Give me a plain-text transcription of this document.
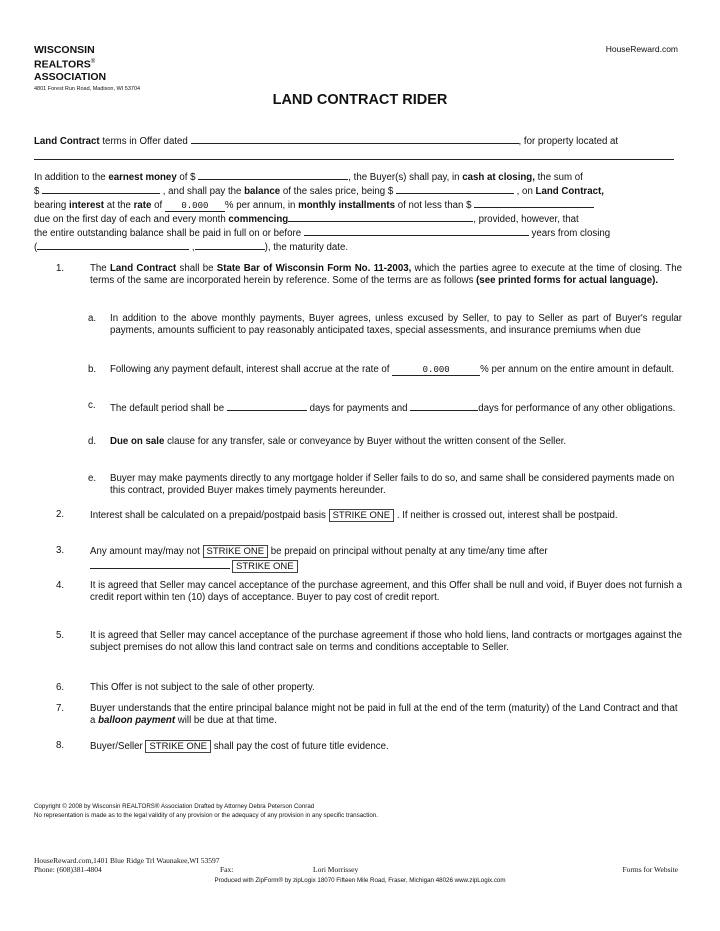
WISCONSIN
REALTORS®
ASSOCIATION
4801 Forest Run Road, Madison, WI 53704
HouseReward.com
LAND CONTRACT RIDER
Land Contract terms in Offer dated	, for property located at
In addition to the earnest money of $	, the Buyer(s) shall pay, in cash at closing, the sum of
$	, and shall pay the balance of the sales price, being $	, on Land Contract,
bearing interest at the rate of 0.000 % per annum, in monthly installments of not less than $
due on the first day of each and every month commencing	, provided, however, that
the entire outstanding balance shall be paid in full on or before	years from closing
(	,	), the maturity date.
1.	The Land Contract shall be State Bar of Wisconsin Form No. 11-2003, which the parties agree to execute at the time of closing. The terms of the same are incorporated herein by reference. Some of the terms are as follows (see printed forms for actual language).
a. In addition to the above monthly payments, Buyer agrees, unless excused by Seller, to pay to Seller as part of Buyer's regular payments, amounts sufficient to pay reasonably anticipated taxes, special assessments, and insurance premiums when due
b. Following any payment default, interest shall accrue at the rate of	0.000	% per annum on the entire amount in default.
c. The default period shall be	days for payments and	days for performance of any other obligations.
d. Due on sale clause for any transfer, sale or conveyance by Buyer without the written consent of the Seller.
e. Buyer may make payments directly to any mortgage holder if Seller fails to do so, and same shall be considered payments made on this contract, provided Buyer makes timely payments hereunder.
2.	Interest shall be calculated on a prepaid/postpaid basis STRIKE ONE . If neither is crossed out, interest shall be postpaid.
3.	Any amount may/may not STRIKE ONE be prepaid on principal without penalty at any time/any time after
STRIKE ONE
4.	It is agreed that Seller may cancel acceptance of the purchase agreement, and this Offer shall be null and void, if Buyer does not furnish a credit report within ten (10) days of acceptance. Buyer to pay cost of credit report.
5.	It is agreed that Seller may cancel acceptance of the purchase agreement if those who hold liens, land contracts or mortgages against the subject premises do not allow this land contract sale on terms and conditions acceptable to Seller.
6.	This Offer is not subject to the sale of other property.
7.	Buyer understands that the entire principal balance might not be paid in full at the end of the term (maturity) of the Land Contract and that a balloon payment will be due at that time.
8.	Buyer/Seller STRIKE ONE shall pay the cost of future title evidence.
Copyright © 2008 by Wisconsin REALTORS® Association Drafted by Attorney Debra Peterson Conrad
No representation is made as to the legal validity of any provision or the adequacy of any provision in any specific transaction.
HouseReward.com,1401 Blue Ridge Trl Waunakee,WI 53597
Phone: (608)381-4804	Fax:	Lori Morrissey	Forms for Website
Produced with ZipForm® by zipLogix 18070 Fifteen Mile Road, Fraser, Michigan 48026 www.zipLogix.com
